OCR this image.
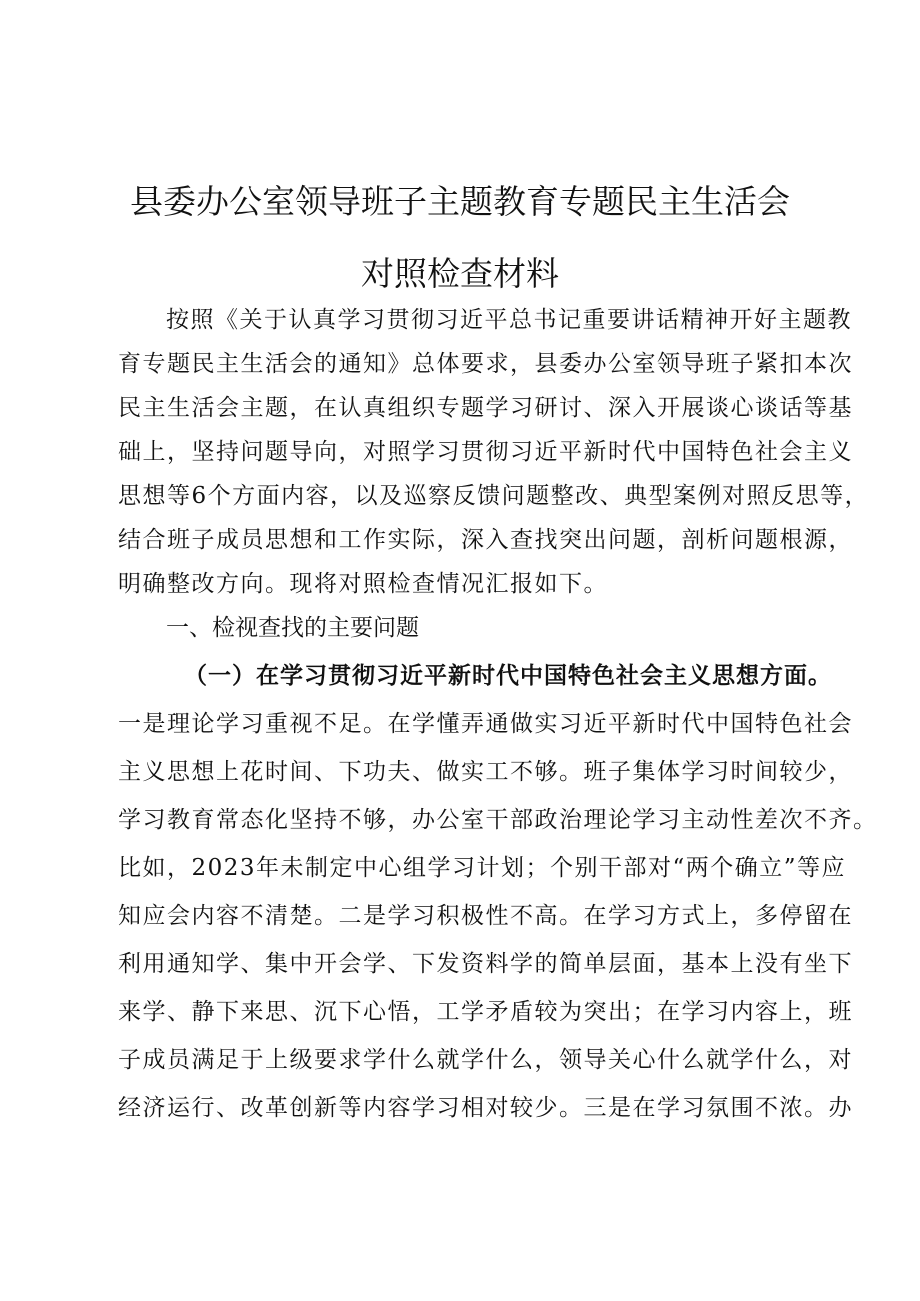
县委办公室领导班子主题教育专题民主生活会
对照检查材料
按照《关于认真学习贯彻习近平总书记重要讲话精神开好主题教
育专题民主生活会的通知》总体要求，县委办公室领导班子紧扣本次
民主生活会主题，在认真组织专题学习研讨、深入开展谈心谈话等基
础上，坚持问题导向，对照学习贯彻习近平新时代中国特色社会主义
思想等6个方面内容，以及巡察反馈问题整改、典型案例对照反思等，
结合班子成员思想和工作实际，深入查找突出问题，剖析问题根源，
明确整改方向。现将对照检查情况汇报如下。
一、检视查找的主要问题
（一）在学习贯彻习近平新时代中国特色社会主义思想方面。
一是理论学习重视不足。在学懂弄通做实习近平新时代中国特色社会
主义思想上花时间、下功夫、做实工不够。班子集体学习时间较少，
学习教育常态化坚持不够，办公室干部政治理论学习主动性差次不齐。
比如，2023年未制定中心组学习计划；个别干部对“两个确立”等应
知应会内容不清楚。二是学习积极性不高。在学习方式上，多停留在
利用通知学、集中开会学、下发资料学的简单层面，基本上没有坐下
来学、静下来思、沉下心悟，工学矛盾较为突出；在学习内容上，班
子成员满足于上级要求学什么就学什么，领导关心什么就学什么，对
经济运行、改革创新等内容学习相对较少。三是在学习氛围不浓。办
